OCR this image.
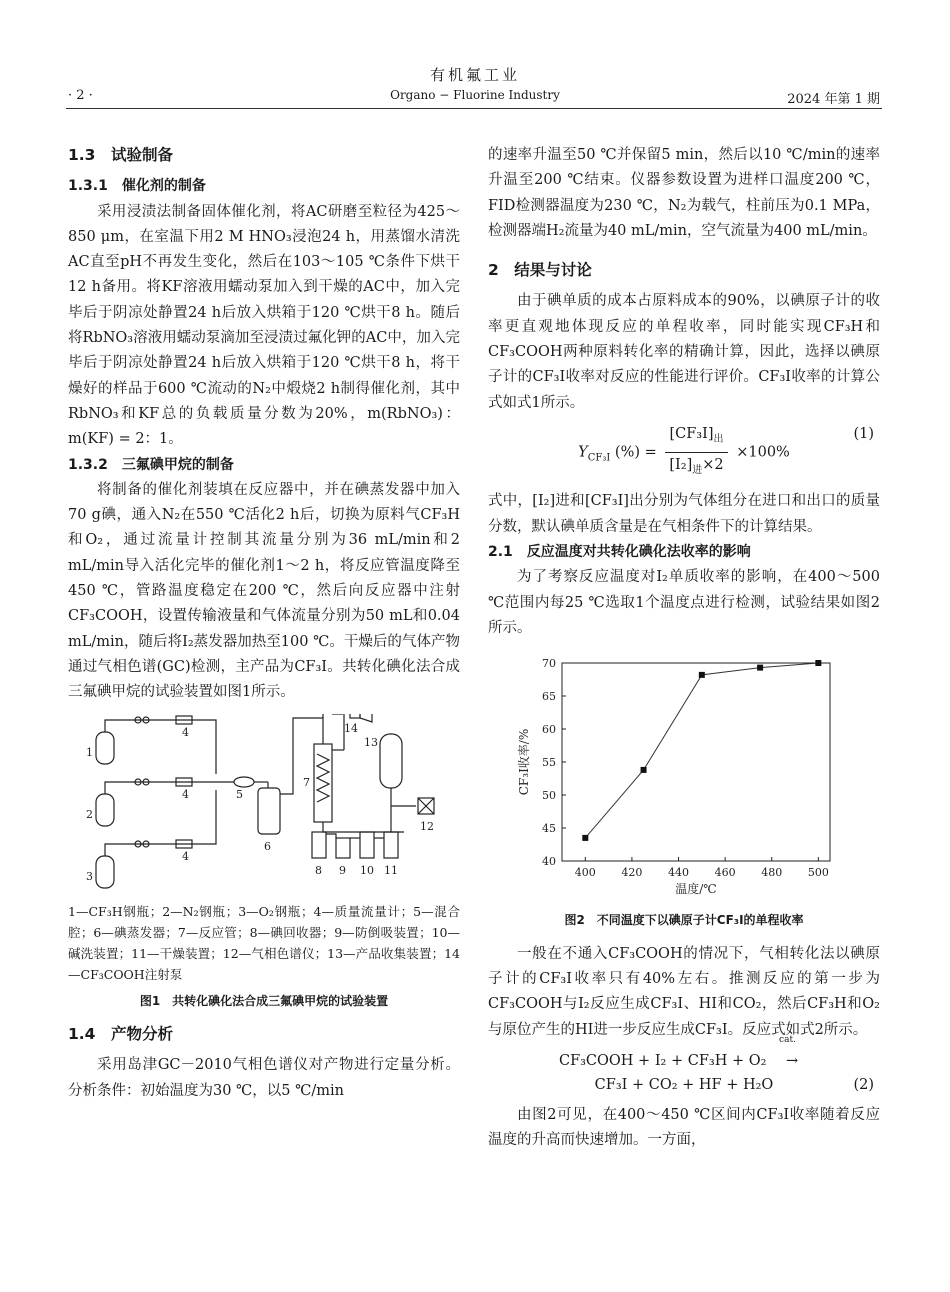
有机氟工业
· 2 ·	Organo − Fluorine Industry	2024 年第 1 期
1.3　试验制备
1.3.1　催化剂的制备

采用浸渍法制备固体催化剂，将AC研磨至粒径为425～850 μm，在室温下用2 M HNO₃浸泡24 h，用蒸馏水清洗AC直至pH不再发生变化，然后在103～105 ℃条件下烘干12 h备用。将KF溶液用蠕动泵加入到干燥的AC中，加入完毕后于阴凉处静置24 h后放入烘箱于120 ℃烘干8 h。随后将RbNO₃溶液用蠕动泵滴加至浸渍过氟化钾的AC中，加入完毕后于阴凉处静置24 h后放入烘箱于120 ℃烘干8 h，将干燥好的样品于600 ℃流动的N₂中煅烧2 h制得催化剂，其中RbNO₃和KF总的负载质量分数为20%，m(RbNO₃)：m(KF) = 2：1。

1.3.2　三氟碘甲烷的制备

将制备的催化剂装填在反应器中，并在碘蒸发器中加入70 g碘，通入N₂在550 ℃活化2 h后，切换为原料气CF₃H和O₂，通过流量计控制其流量分别为36 mL/min和2 mL/min导入活化完毕的催化剂1～2 h，将反应管温度降至450 ℃，管路温度稳定在200 ℃，然后向反应器中注射CF₃COOH，设置传输液量和气体流量分别为50 mL和0.04 mL/min，随后将I₂蒸发器加热至100 ℃。干燥后的气体产物通过气相色谱(GC)检测，主产品为CF₃I。共转化碘化法合成三氟碘甲烷的试验装置如图1所示。

1
2
3
4
4
4
5
6
7
8 9 10 11
12
13
14
1—CF₃H钢瓶；2—N₂钢瓶；3—O₂钢瓶；4—质量流量计；5—混合腔；6—碘蒸发器；7—反应管；8—碘回收器；9—防倒吸装置；10—碱洗装置；11—干燥装置；12—气相色谱仪；13—产品收集装置；14—CF₃COOH注射泵
图1　共转化碘化法合成三氟碘甲烷的试验装置
1.4　产物分析

采用岛津GC－2010气相色谱仪对产物进行定量分析。分析条件：初始温度为30 ℃，以5 ℃/min

的速率升温至50 ℃并保留5 min，然后以10 ℃/min的速率升温至200 ℃结束。仪器参数设置为进样口温度200 ℃，FID检测器温度为230 ℃，N₂为载气，柱前压为0.1 MPa，检测器端H₂流量为40 mL/min，空气流量为400 mL/min。

2　结果与讨论

由于碘单质的成本占原料成本的90%，以碘原子计的收率更直观地体现反应的单程收率，同时能实现CF₃H和CF₃COOH两种原料转化率的精确计算，因此，选择以碘原子计的CF₃I收率对反应的性能进行评价。CF₃I收率的计算公式如式1所示。

$Y_{CF_3I}$ (%) =
$[CF_3I]_出$
$[I_2]_进\times 2$
×100%
(1)

式中，[I₂]进和[CF₃I]出分别为气体组分在进口和出口的质量分数，默认碘单质含量是在气相条件下的计算结果。

2.1　反应温度对共转化碘化法收率的影响

为了考察反应温度对I₂单质收率的影响，在400～500 ℃范围内每25 ℃选取1个温度点进行检测，试验结果如图2所示。

400 420 440 460 480 500
40
45
50
55
60
65
70
温度/℃
CF₃I收率/%
图2　不同温度下以碘原子计CF₃I的单程收率

一般在不通入CF₃COOH的情况下，气相转化法以碘原子计的CF₃I收率只有40%左右。推测反应的第一步为CF₃COOH与I₂反应生成CF₃I、HI和CO₂，然后CF₃H和O₂与原位产生的HI进一步反应生成CF₃I。反应式如式2所示。

CF₃COOH + I₂ + CF₃H + O₂
cat.
→
CF₃I + CO₂ + HF + H₂O	(2)

由图2可见，在400～450 ℃区间内CF₃I收率随着反应温度的升高而快速增加。一方面，
